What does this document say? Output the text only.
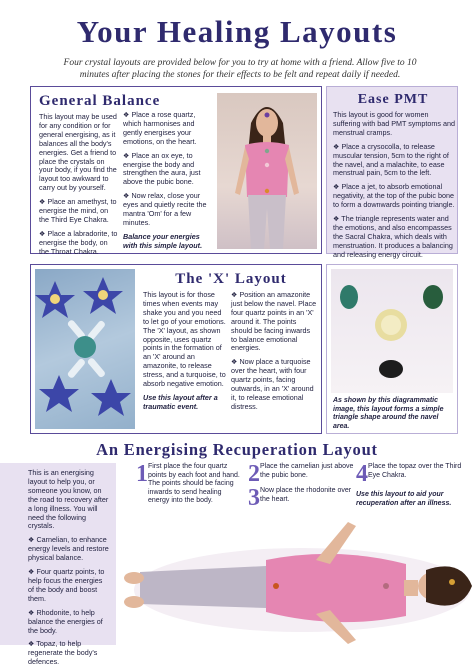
Your Healing Layouts
Four crystal layouts are provided below for you to try at home with a friend. Allow five to 10 minutes after placing the stones for their effects to be felt and repeat daily if needed.
General Balance

This layout may be used for any condition or for general energising, as it balances all the body's energies. Get a friend to place the crystals on your body, if you find the layout too awkward to carry out by yourself.

❖ Place an amethyst, to energise the mind, on the Third Eye Chakra.

❖ Place a labradorite, to energise the body, on the Throat Chakra.

❖ Place a rose quartz, which harmonises and gently energises your emotions, on the heart.

❖ Place an ox eye, to energise the body and strengthen the aura, just above the pubic bone.

❖ Now relax, close your eyes and quietly recite the mantra 'Om' for a few minutes.

Balance your energies with this simple layout.

Ease PMT

This layout is good for women suffering with bad PMT symptoms and menstrual cramps.

❖ Place a crysocolla, to release muscular tension, 5cm to the right of the navel, and a malachite, to ease menstrual pain, 5cm to the left.

❖ Place a jet, to absorb emotional negativity, at the top of the pubic bone to form a downwards pointing triangle.

❖ The triangle represents water and the emotions, and also encompasses the Sacral Chakra, which deals with menstruation. It produces a balancing and releasing energy circuit.

The 'X' Layout

This layout is for those times when events may shake you and you need to let go of your emotions. The 'X' layout, as shown opposite, uses quartz points in the formation of an 'X' around an amazonite, to release stress, and a turquoise, to absorb negative emotion.

Use this layout after a traumatic event.

❖ Position an amazonite just below the navel. Place four quartz points in an 'X' around it. The points should be facing inwards to balance emotional energies.

❖ Now place a turquoise over the heart, with four quartz points, facing outwards, in an 'X' around it, to release emotional distress.

As shown by this diagrammatic image, this layout forms a simple triangle shape around the navel area.
An Energising Recuperation Layout

This is an energising layout to help you, or someone you know, on the road to recovery after a long illness. You will need the following crystals.

❖ Carnelian, to enhance energy levels and restore physical balance.

❖ Four quartz points, to help focus the energies of the body and boost them.

❖ Rhodonite, to help balance the energies of the body.

❖ Topaz, to help regenerate the body's defences.

1 First place the four quartz points by each foot and hand. The points should be facing inwards to send healing energy into the body.
2 Place the carnelian just above the pubic bone.
3 Now place the rhodonite over the heart.
4 Place the topaz over the Third Eye Chakra.
Use this layout to aid your recuperation after an illness.
